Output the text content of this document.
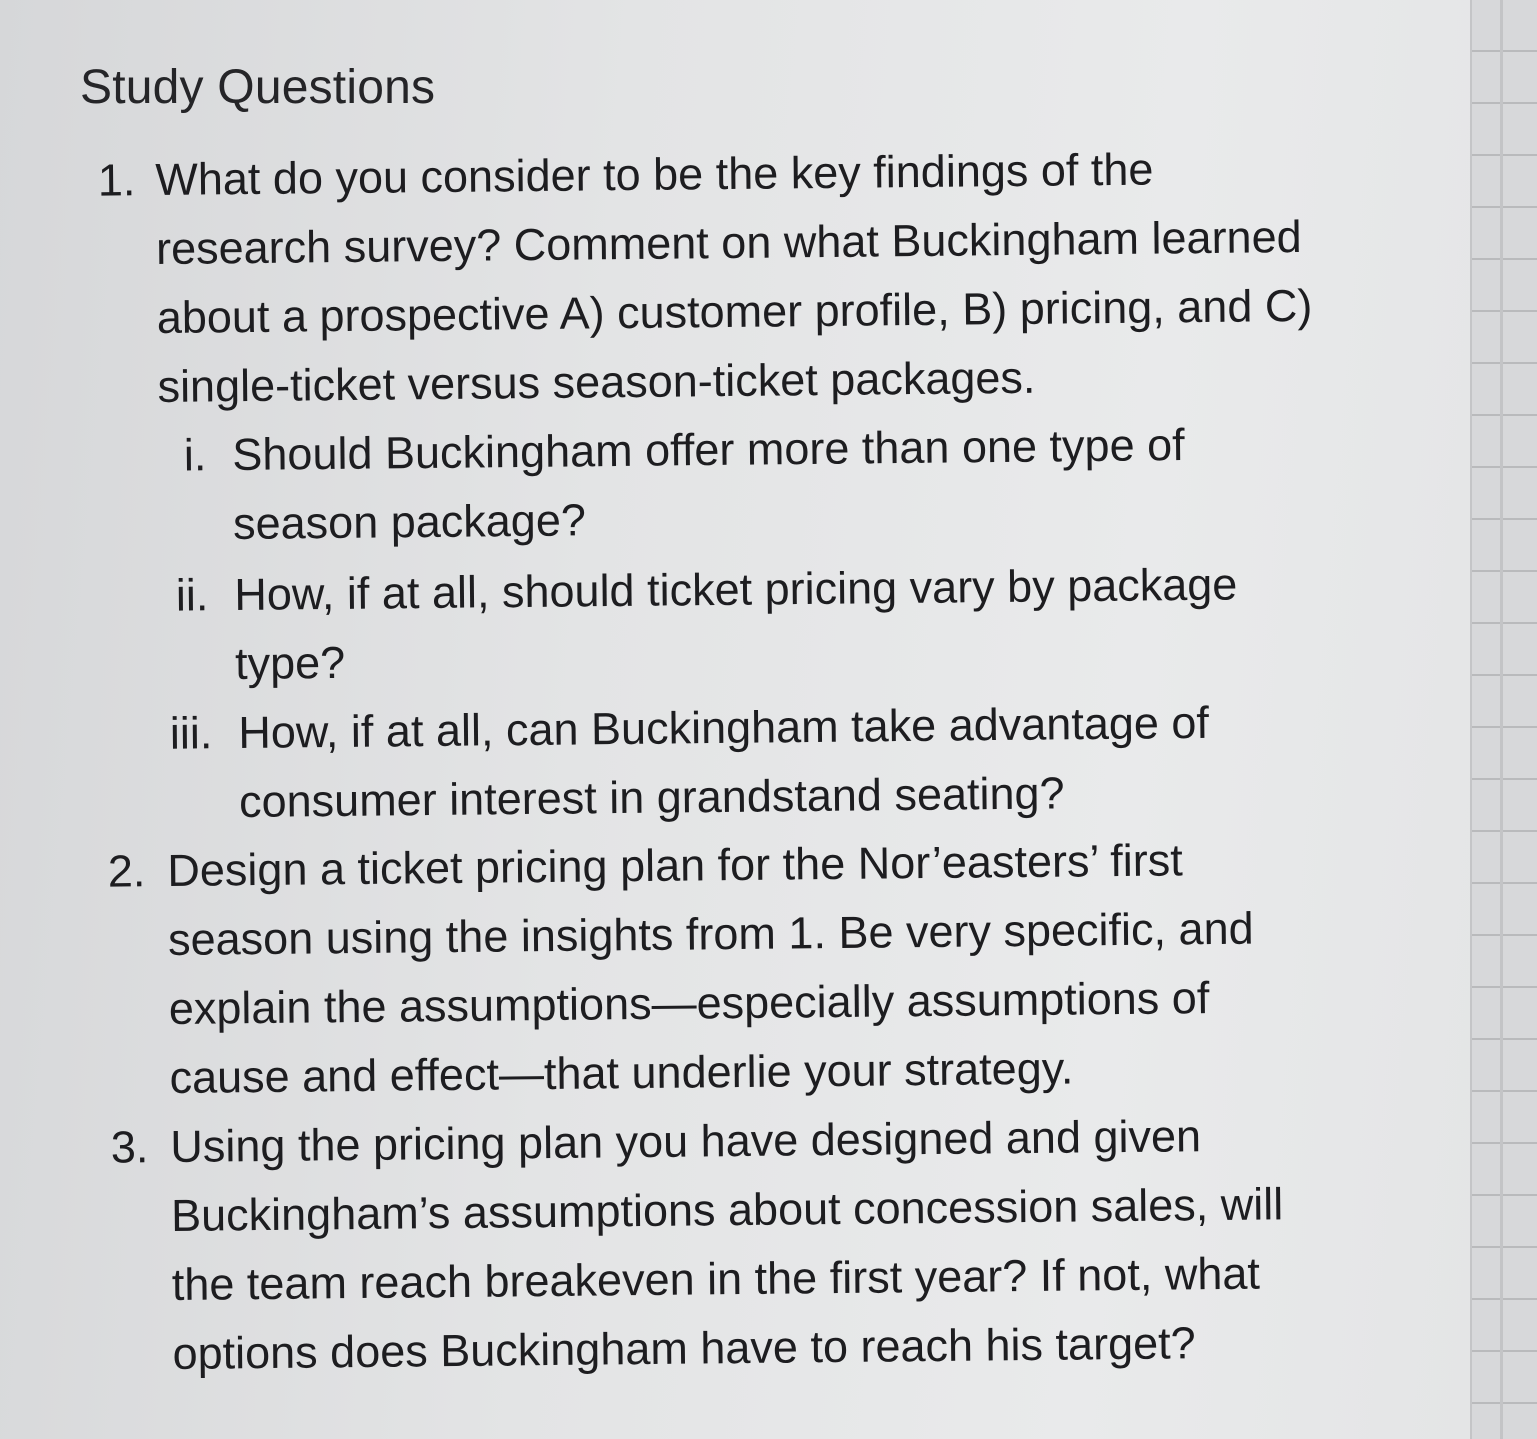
Study Questions
1. What do you consider to be the key findings of the research survey? Comment on what Buckingham learned about a prospective A) customer profile, B) pricing, and C) single-ticket versus season-ticket packages.
i. Should Buckingham offer more than one type of season package?
ii. How, if at all, should ticket pricing vary by package type?
iii. How, if at all, can Buckingham take advantage of consumer interest in grandstand seating?
2. Design a ticket pricing plan for the Nor’easters’ first season using the insights from 1. Be very specific, and explain the assumptions—especially assumptions of cause and effect—that underlie your strategy.
3. Using the pricing plan you have designed and given Buckingham’s assumptions about concession sales, will the team reach breakeven in the first year? If not, what options does Buckingham have to reach his target?
